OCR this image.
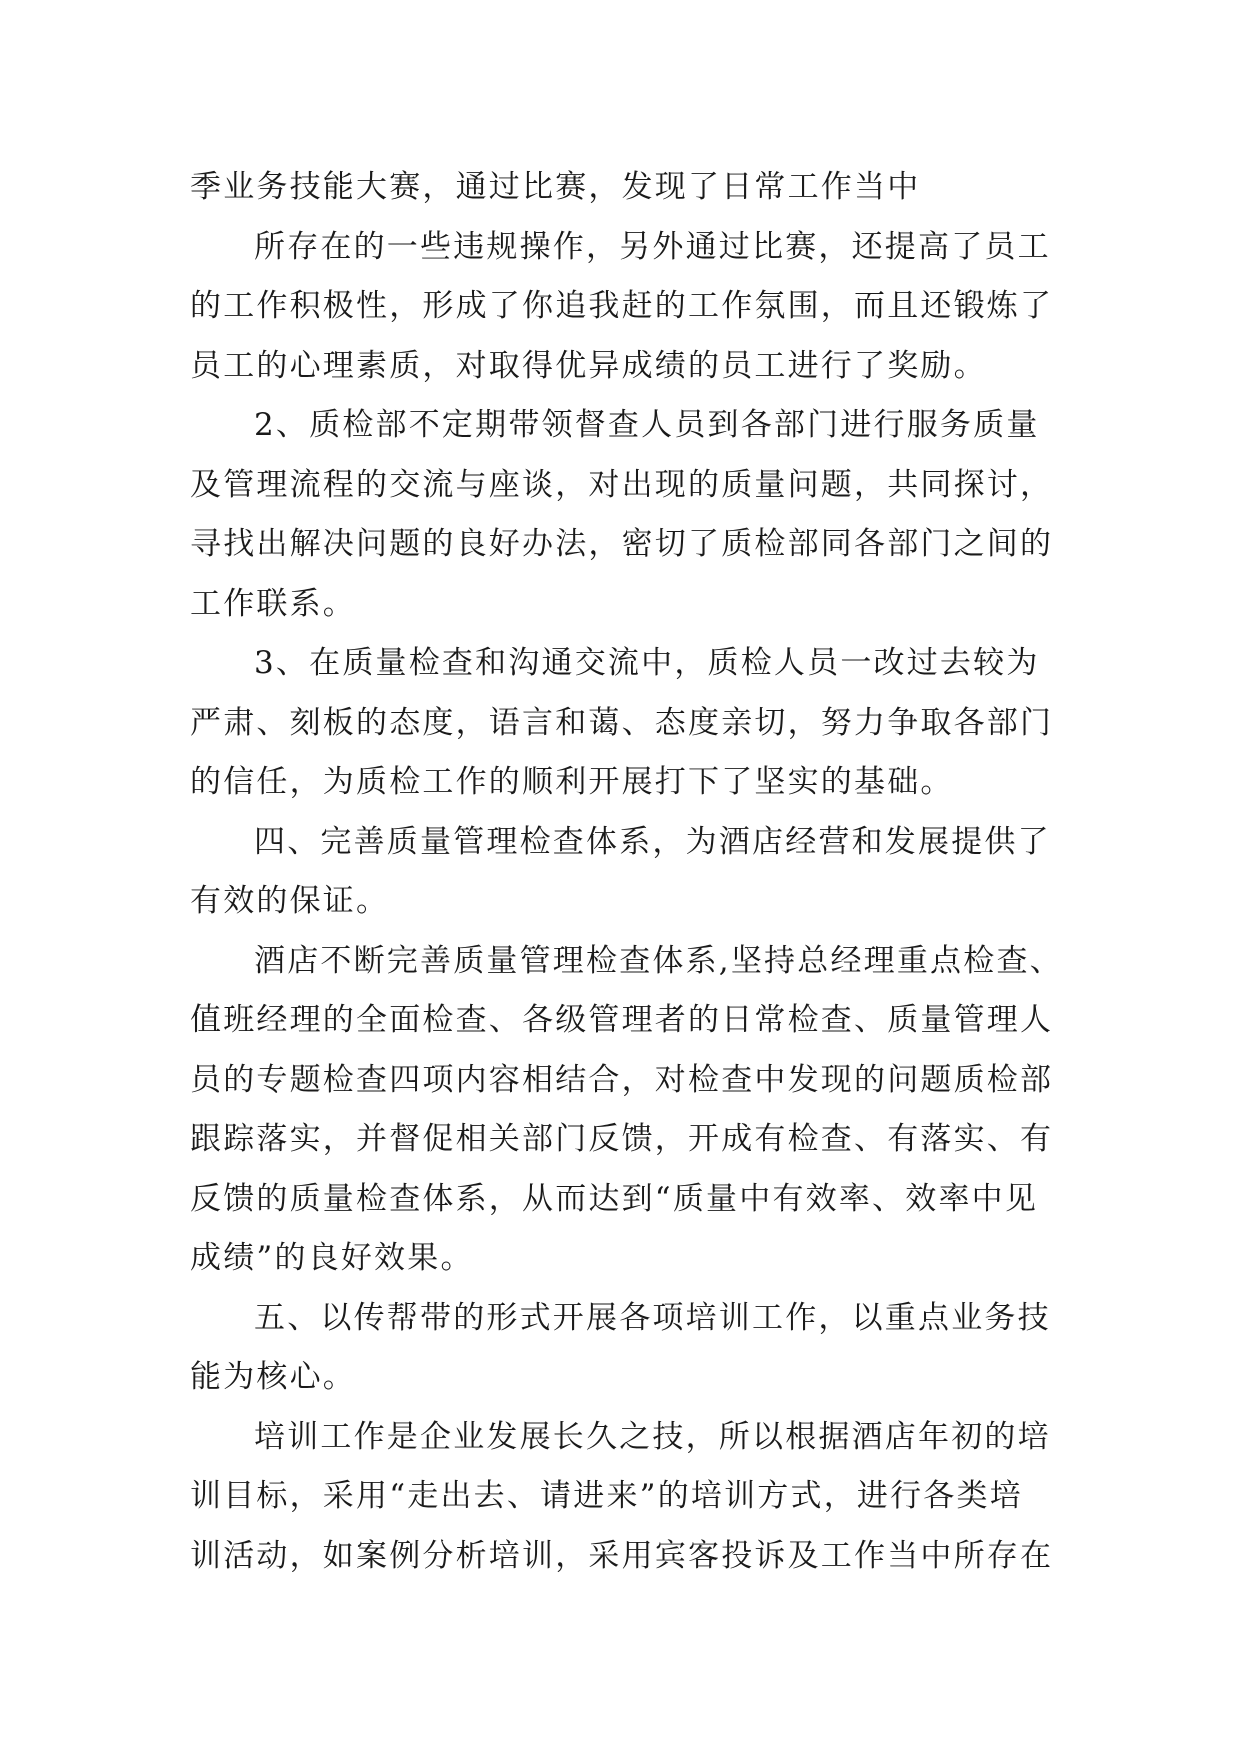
季业务技能大赛，通过比赛，发现了日常工作当中
所存在的一些违规操作，另外通过比赛，还提高了员工
的工作积极性，形成了你追我赶的工作氛围，而且还锻炼了
员工的心理素质，对取得优异成绩的员工进行了奖励。
2、质检部不定期带领督查人员到各部门进行服务质量
及管理流程的交流与座谈，对出现的质量问题，共同探讨，
寻找出解决问题的良好办法，密切了质检部同各部门之间的
工作联系。
3、在质量检查和沟通交流中，质检人员一改过去较为
严肃、刻板的态度，语言和蔼、态度亲切，努力争取各部门
的信任，为质检工作的顺利开展打下了坚实的基础。
四、完善质量管理检查体系，为酒店经营和发展提供了
有效的保证。
酒店不断完善质量管理检查体系,坚持总经理重点检查、
值班经理的全面检查、各级管理者的日常检查、质量管理人
员的专题检查四项内容相结合，对检查中发现的问题质检部
跟踪落实，并督促相关部门反馈，开成有检查、有落实、有
反馈的质量检查体系，从而达到“质量中有效率、效率中见
成绩”的良好效果。
五、以传帮带的形式开展各项培训工作，以重点业务技
能为核心。
培训工作是企业发展长久之技，所以根据酒店年初的培
训目标，采用“走出去、请进来”的培训方式，进行各类培
训活动，如案例分析培训，采用宾客投诉及工作当中所存在
